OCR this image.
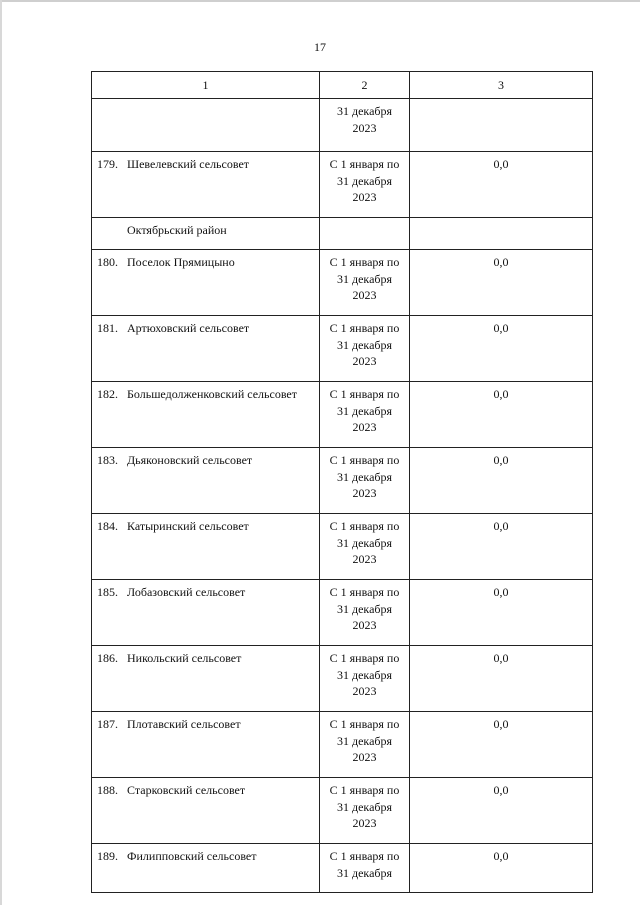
17
1	2	3

	31 декабря
2023	

179. Шевелевский сельсовет	С 1 января по
31 декабря
2023	0,0

Октябрьский район		

180. Поселок Прямицыно	С 1 января по
31 декабря
2023	0,0

181. Артюховский сельсовет	С 1 января по
31 декабря
2023	0,0

182. Большедолженковский сельсовет	С 1 января по
31 декабря
2023	0,0

183. Дьяконовский сельсовет	С 1 января по
31 декабря
2023	0,0

184. Катыринский сельсовет	С 1 января по
31 декабря
2023	0,0

185. Лобазовский сельсовет	С 1 января по
31 декабря
2023	0,0

186. Никольский сельсовет	С 1 января по
31 декабря
2023	0,0

187. Плотавский сельсовет	С 1 января по
31 декабря
2023	0,0

188. Старковский сельсовет	С 1 января по
31 декабря
2023	0,0

189. Филипповский сельсовет	С 1 января по
31 декабря	0,0
